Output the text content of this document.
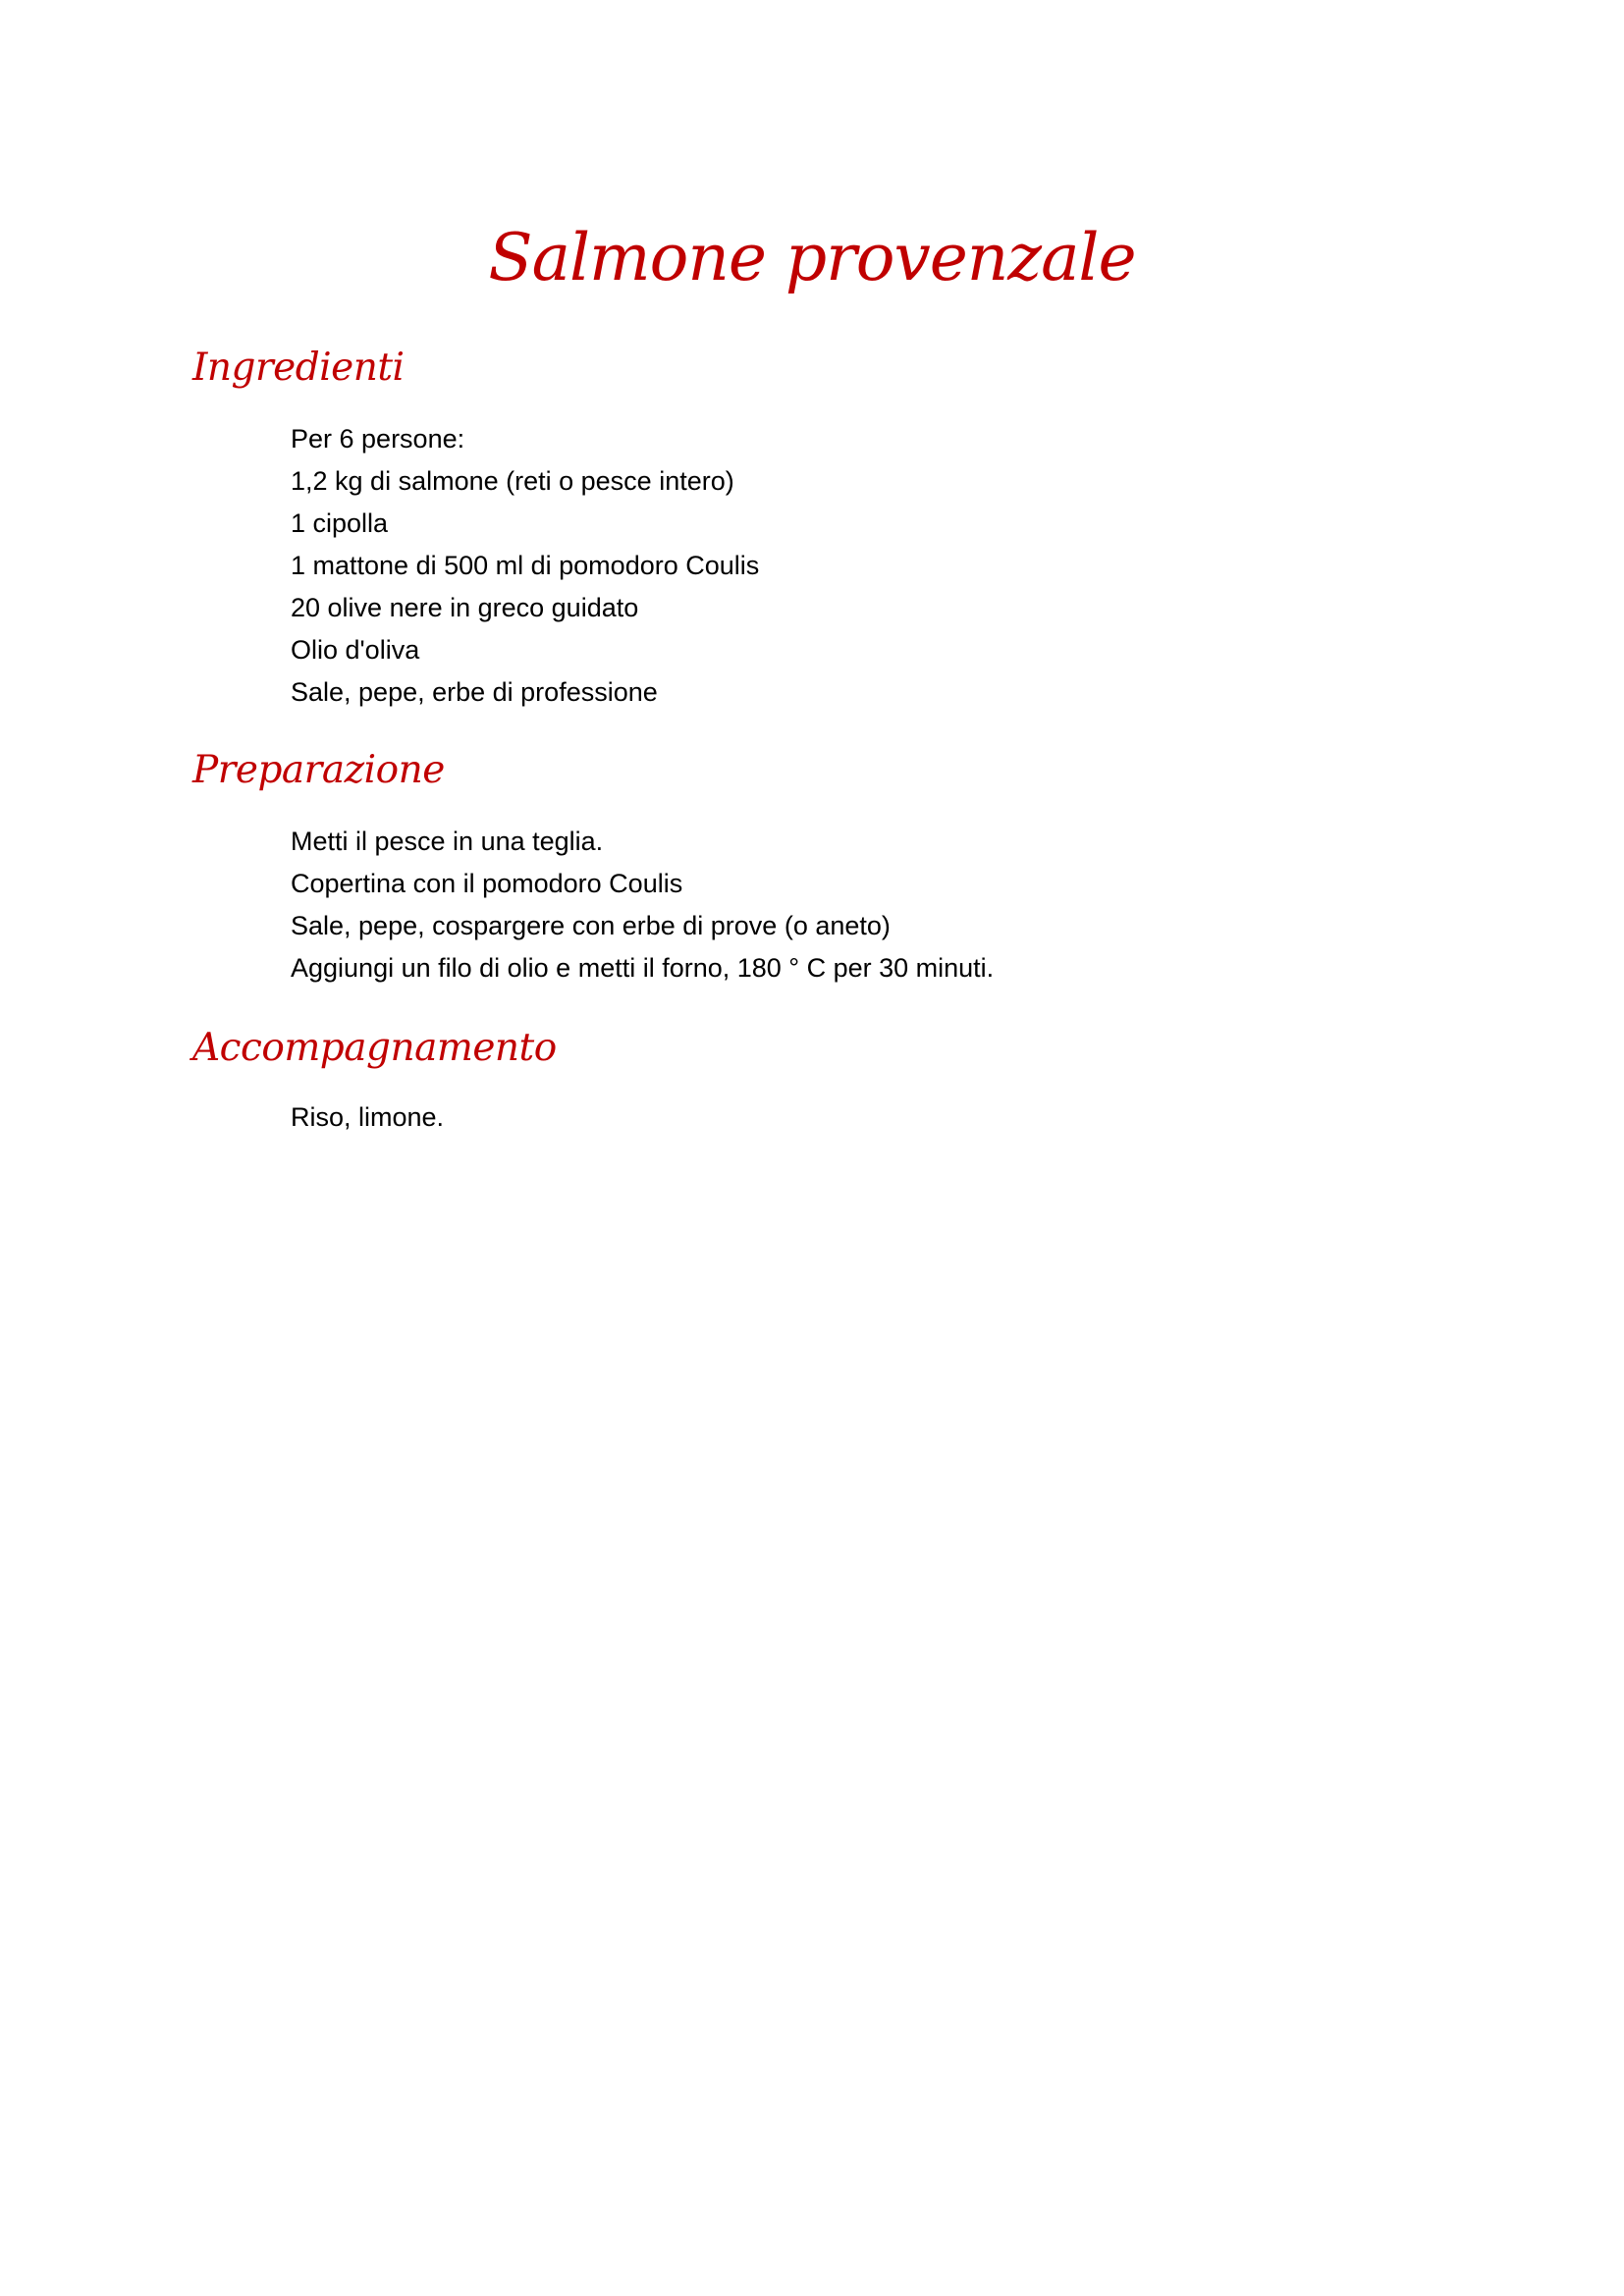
Salmone provenzale
Ingredienti
Per 6 persone:
1,2 kg di salmone (reti o pesce intero)
1 cipolla
1 mattone di 500 ml di pomodoro Coulis
20 olive nere in greco guidato
Olio d'oliva
Sale, pepe, erbe di professione
Preparazione
Metti il pesce in una teglia.
Copertina con il pomodoro Coulis
Sale, pepe, cospargere con erbe di prove (o aneto)
Aggiungi un filo di olio e metti il forno, 180 ° C per 30 minuti.
Accompagnamento
Riso, limone.
